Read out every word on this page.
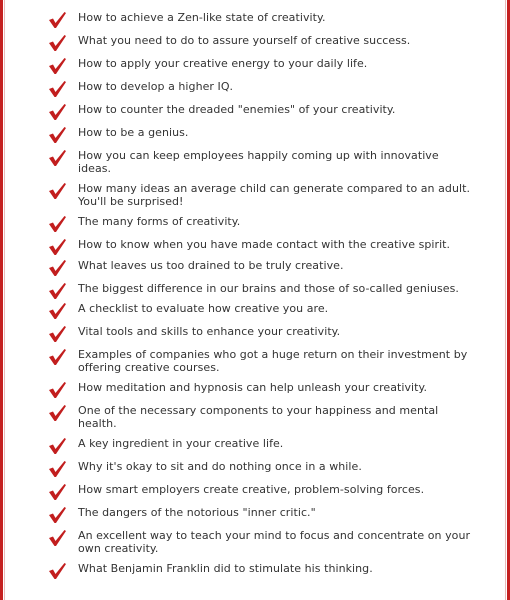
How to achieve a Zen-like state of creativity.
What you need to do to assure yourself of creative success.
How to apply your creative energy to your daily life.
How to develop a higher IQ.
How to counter the dreaded "enemies" of your creativity.
How to be a genius.
How you can keep employees happily coming up with innovative ideas.
How many ideas an average child can generate compared to an adult. You'll be surprised!
The many forms of creativity.
How to know when you have made contact with the creative spirit.
What leaves us too drained to be truly creative.
The biggest difference in our brains and those of so-called geniuses.
A checklist to evaluate how creative you are.
Vital tools and skills to enhance your creativity.
Examples of companies who got a huge return on their investment by offering creative courses.
How meditation and hypnosis can help unleash your creativity.
One of the necessary components to your happiness and mental health.
A key ingredient in your creative life.
Why it's okay to sit and do nothing once in a while.
How smart employers create creative, problem-solving forces.
The dangers of the notorious "inner critic."
An excellent way to teach your mind to focus and concentrate on your own creativity.
What Benjamin Franklin did to stimulate his thinking.
